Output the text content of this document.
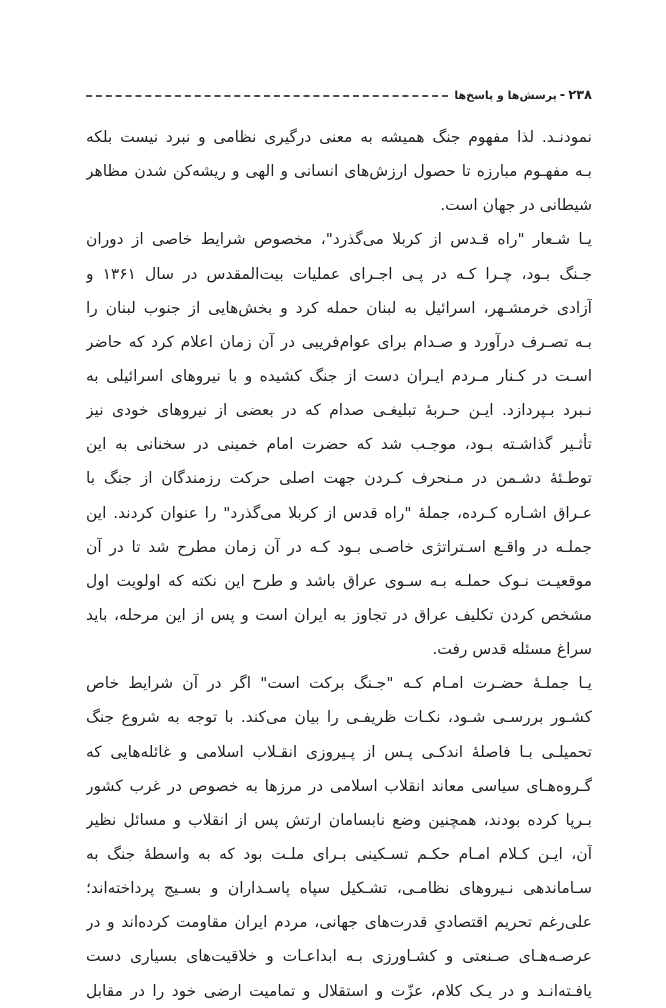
۲۳۸
-
پرسش‌ها و پاسخ‌ها
نمودنـد. لذا مفهوم جنگ همیشه به معنی درگیری نظامی و نبرد نیست بلکه
بـه مفهـوم مبارزه تا حصول ارزش‌های انسانی و الهی و ریشه‌کن شدن مظاهر
شیطانی در جهان است.
یـا شـعار "راه قـدس از کربلا می‌گذرد"، مخصوص شرایط خاصی از دوران
جـنگ بـود، چـرا کـه در پـی اجـرای عملیات بیت‌المقدس در سال ۱۳۶۱ و
آزادی خرمشـهر، اسرائیل به لبنان حمله کرد و بخش‌هایی از جنوب لبنان را
بـه تصـرف درآورد و صـدام برای عوام‌فریبی در آن زمان اعلام کرد که حاضر
اسـت در کـنار مـردم ایـران دست از جنگ کشیده و با نیروهای اسرائیلی به
نـبرد بـپردازد. ایـن حـربهٔ تبلیغـی صدام که در بعضی از نیروهای خودی نیز
تأثـیر گذاشـته بـود، موجـب شد که حضرت امام خمینی در سخنانی به این
توطـئهٔ دشـمن در مـنحرف کـردن جهت اصلی حرکت رزمندگان از جنگ با
عـراق اشـاره کـرده، جملهٔ "راه قدس از کربلا می‌گذرد" را عنوان کردند. این
جملـه در واقـع اسـتراتژی خاصـی بـود کـه در آن زمان مطرح شد تا در آن
موقعیـت نـوک حملـه بـه سـوی عراق باشد و طرح این نکته که اولویت اول
مشخص کردن تکلیف عراق در تجاوز به ایران است و پس از این مرحله، باید
سراغ مسئله قدس رفت.
یـا جملـهٔ حضـرت امـام کـه "جـنگ برکت است" اگر در آن شرایط خاص
کشـور بررسـی شـود، نکـات ظریفـی را بیان می‌کند. با توجه به شروع جنگ
تحمیلـی بـا فاصلهٔ اندکـی پـس از پـیروزی انقـلاب اسلامی و غائله‌هایی که
گـروه‌هـای سیاسی معاند انقلاب اسلامی در مرزها به خصوص در غرب کشور
بـرپا کرده بودند، همچنین وضع نابسامان ارتش پس از انقلاب و مسائل نظیر
آن، ایـن کـلام امـام حکـم تسـکینی بـرای ملـت بود که به واسطهٔ جنگ به
سـاماندهی نـیروهای نظامـی، تشـکیل سپاه پاسـداران و بسـیج پرداخته‌اند؛
علی‌رغم تحریم اقتصادیِ قدرت‌های جهانی، مردم ایران مقاومت کرده‌اند و در
عرصـه‌هـای صـنعتی و کشـاورزی بـه ابداعـات و خلاقیت‌های بسیاری دست
یافـته‌انـد و در یـک کلام، عزّت و استقلال و تمامیت ارضی خود را در مقابل
